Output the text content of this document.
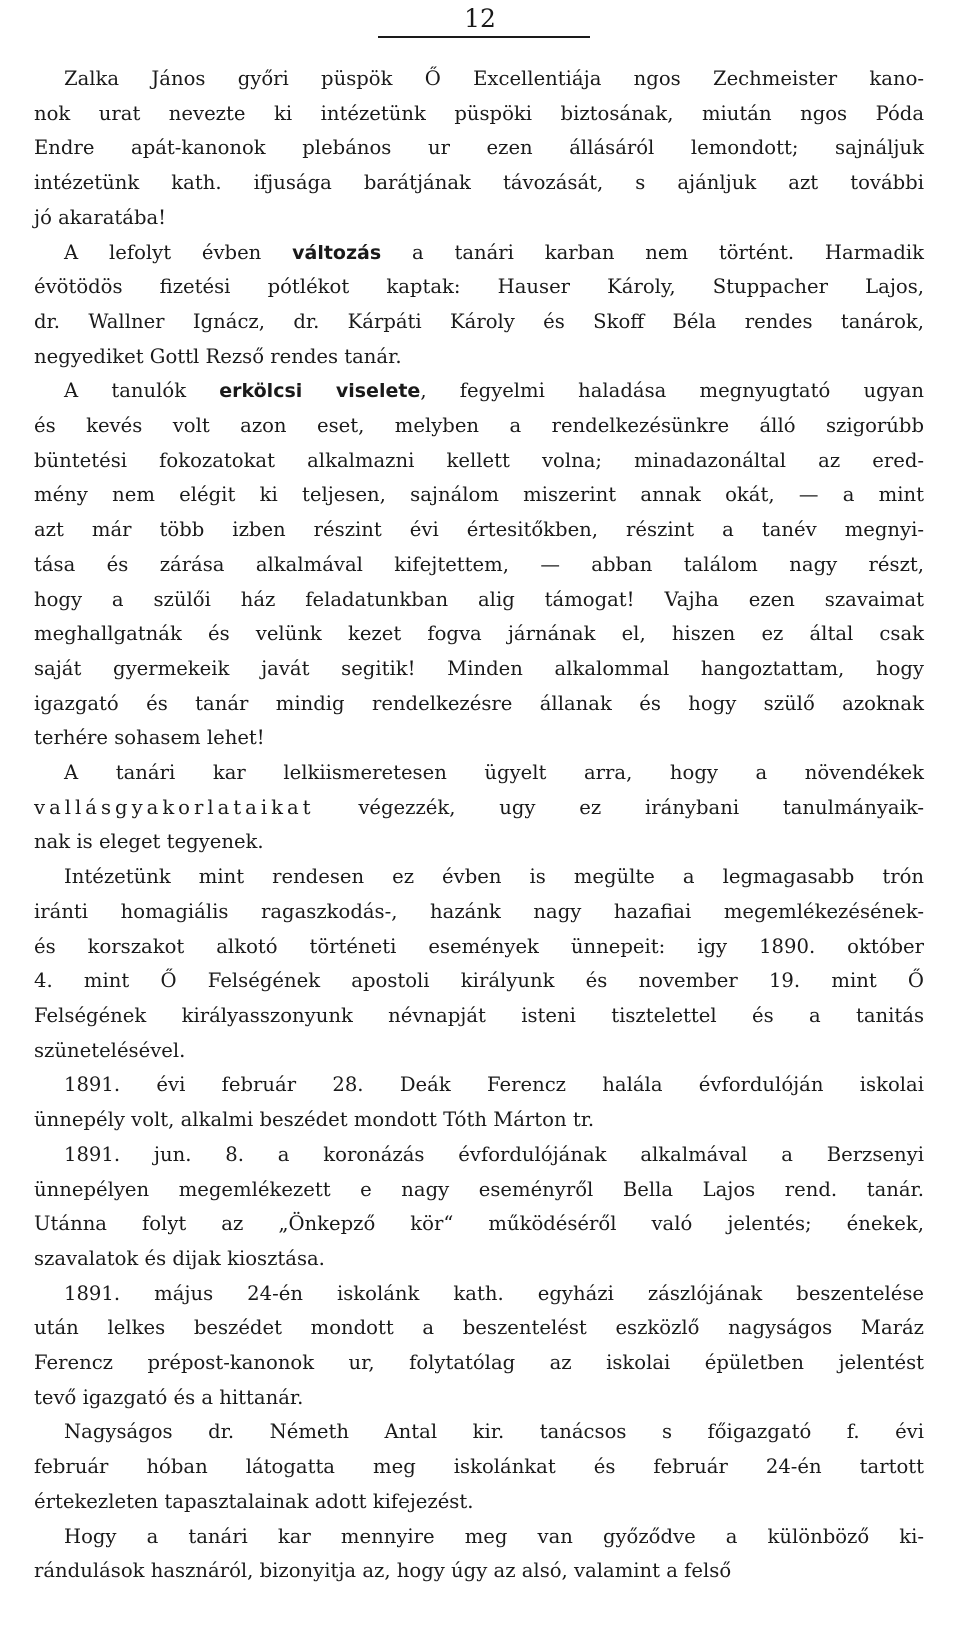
12

Zalka János győri püspök Ő Excellentiája ngos Zechmeister kano-
nok urat nevezte ki intézetünk püspöki biztosának, miután ngos Póda
Endre apát-kanonok plebános ur ezen állásáról lemondott; sajnáljuk
intézetünk kath. ifjusága barátjának távozását, s ajánljuk azt további
jó akaratába!

A lefolyt évben változás a tanári karban nem történt. Harmadik
évötödös fizetési pótlékot kaptak: Hauser Károly, Stuppacher Lajos,
dr. Wallner Ignácz, dr. Kárpáti Károly és Skoff Béla rendes tanárok,
negyediket Gottl Rezső rendes tanár.

A tanulók erkölcsi viselete, fegyelmi haladása megnyugtató ugyan
és kevés volt azon eset, melyben a rendelkezésünkre álló szigorúbb
büntetési fokozatokat alkalmazni kellett volna; minadazonáltal az ered-
mény nem elégit ki teljesen, sajnálom miszerint annak okát, — a mint
azt már több izben részint évi értesitőkben, részint a tanév megnyi-
tása és zárása alkalmával kifejtettem, — abban találom nagy részt,
hogy a szülői ház feladatunkban alig támogat! Vajha ezen szavaimat
meghallgatnák és velünk kezet fogva járnának el, hiszen ez által csak
saját gyermekeik javát segitik! Minden alkalommal hangoztattam, hogy
igazgató és tanár mindig rendelkezésre állanak és hogy szülő azoknak
terhére sohasem lehet!

A tanári kar lelkiismeretesen ügyelt arra, hogy a növendékek
vallásgyakorlataikat végezzék, ugy ez iránybani tanulmányaik-
nak is eleget tegyenek.

Intézetünk mint rendesen ez évben is megülte a legmagasabb trón
iránti homagiális ragaszkodás-, hazánk nagy hazafiai megemlékezésének-
és korszakot alkotó történeti események ünnepeit: igy 1890. október
4. mint Ő Felségének apostoli királyunk és november 19. mint Ő
Felségének királyasszonyunk névnapját isteni tisztelettel és a tanitás
szünetelésével.

1891. évi február 28. Deák Ferencz halála évfordulóján iskolai
ünnepély volt, alkalmi beszédet mondott Tóth Márton tr.

1891. jun. 8. a koronázás évfordulójának alkalmával a Berzsenyi
ünnepélyen megemlékezett e nagy eseményről Bella Lajos rend. tanár.
Utánna folyt az „Önkepző kör“ működéséről való jelentés; énekek,
szavalatok és dijak kiosztása.

1891. május 24-én iskolánk kath. egyházi zászlójának beszentelése
után lelkes beszédet mondott a beszentelést eszközlő nagyságos Maráz
Ferencz prépost-kanonok ur, folytatólag az iskolai épületben jelentést
tevő igazgató és a hittanár.

Nagyságos dr. Németh Antal kir. tanácsos s főigazgató f. évi
február hóban látogatta meg iskolánkat és február 24-én tartott
értekezleten tapasztalainak adott kifejezést.

Hogy a tanári kar mennyire meg van győződve a különböző ki-
rándulások hasznáról, bizonyitja az, hogy úgy az alsó, valamint a felső
